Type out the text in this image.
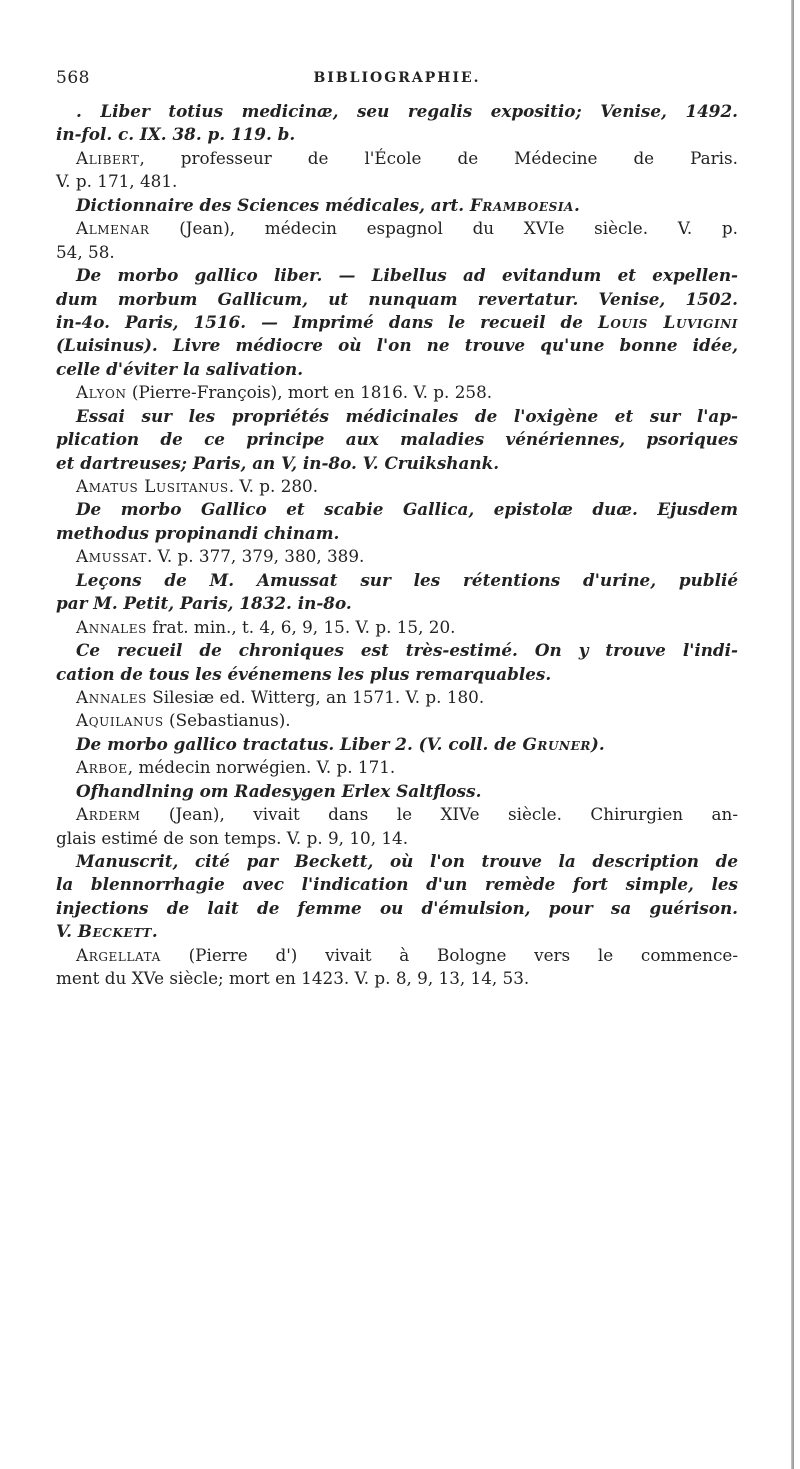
568	BIBLIOGRAPHIE.
. Liber totius medicinæ, seu regalis expositio; Venise, 1492.
in-fol. c. IX. 38. p. 119. b.
Alibert, professeur de l'École de Médecine de Paris.
V. p. 171, 481.
Dictionnaire des Sciences médicales, art. Framboesia.
Almenar (Jean), médecin espagnol du XVIe siècle. V. p.
54, 58.
De morbo gallico liber. — Libellus ad evitandum et expellen-
dum morbum Gallicum, ut nunquam revertatur. Venise, 1502.
in-4o. Paris, 1516. — Imprimé dans le recueil de Louis Luvigini
(Luisinus). Livre médiocre où l'on ne trouve qu'une bonne idée,
celle d'éviter la salivation.
Alyon (Pierre-François), mort en 1816. V. p. 258.
Essai sur les propriétés médicinales de l'oxigène et sur l'ap-
plication de ce principe aux maladies vénériennes, psoriques
et dartreuses; Paris, an V, in-8o. V. Cruikshank.
Amatus Lusitanus. V. p. 280.
De morbo Gallico et scabie Gallica, epistolæ duæ. Ejusdem
methodus propinandi chinam.
Amussat. V. p. 377, 379, 380, 389.
Leçons de M. Amussat sur les rétentions d'urine, publié
par M. Petit, Paris, 1832. in-8o.
Annales frat. min., t. 4, 6, 9, 15. V. p. 15, 20.
Ce recueil de chroniques est très-estimé. On y trouve l'indi-
cation de tous les événemens les plus remarquables.
Annales Silesiæ ed. Witterg, an 1571. V. p. 180.
Aquilanus (Sebastianus).
De morbo gallico tractatus. Liber 2. (V. coll. de Gruner).
Arboe, médecin norwégien. V. p. 171.
Ofhandlning om Radesygen Erlex Saltfloss.
Arderm (Jean), vivait dans le XIVe siècle. Chirurgien an-
glais estimé de son temps. V. p. 9, 10, 14.
Manuscrit, cité par Beckett, où l'on trouve la description de
la blennorrhagie avec l'indication d'un remède fort simple, les
injections de lait de femme ou d'émulsion, pour sa guérison.
V. Beckett.
Argellata (Pierre d') vivait à Bologne vers le commence-
ment du XVe siècle; mort en 1423. V. p. 8, 9, 13, 14, 53.
